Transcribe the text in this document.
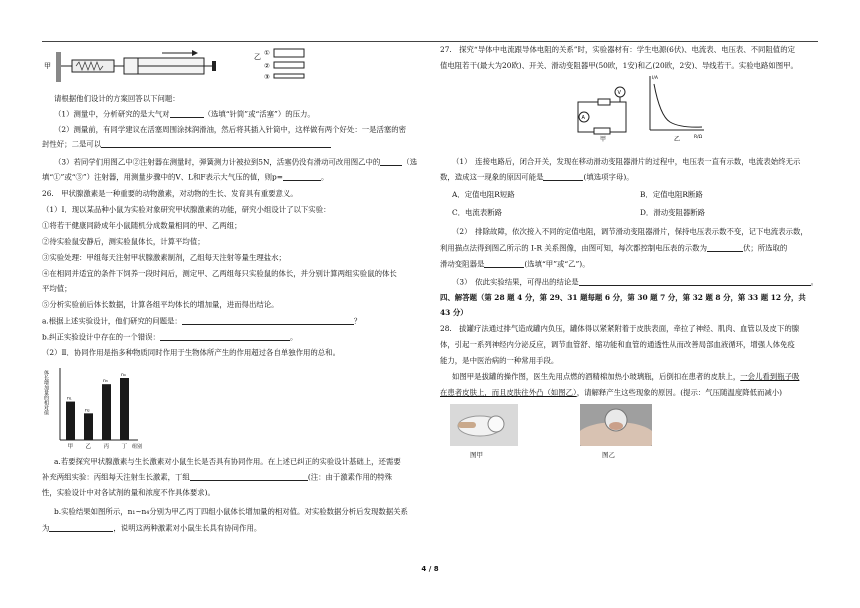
甲
乙 ①
②
③
请根据他们设计的方案回答以下问题：
（1）测量中，分析研究的是大气对	（选填“针筒”或“活塞”）的压力。
（2）测量前，有同学建议在活塞周围涂抹润滑油，然后将其插入针筒中，这样做有两个好处：一是活塞的密
封性好；二是可以
（3）若同学们用图乙中②注射器在测量时，弹簧测力计被拉到5N，活塞仍没有滑动可改用图乙中的	（选
填“①”或“③”）注射器，用测量步骤中的V、L和F表示大气压的值，则p=	。
26.　甲状腺激素是一种重要的动物激素，对动物的生长、发育具有重要意义。
（1）Ⅰ．现以某品种小鼠为实验对象研究甲状腺激素的功能，研究小组设计了以下实验：
①将若干健康同龄成年小鼠随机分成数量相同的甲、乙两组；
②待实验鼠安静后，测实验鼠体长，计算平均值；
③实验处理：甲组每天注射甲状腺激素制剂，乙组每天注射等量生理盐水；
④在相同并适宜的条件下饲养一段时间后，测定甲、乙两组每只实验鼠的体长，并分别计算两组实验鼠的体长
平均值；
⑤分析实验前后体长数据，计算各组平均体长的增加量，进而得出结论。
a.根据上述实验设计，他们研究的问题是：	？
b.纠正实验设计中存在的一个错误：	。
（2）Ⅱ．协同作用是指多种物质同时作用于生物体所产生的作用超过各自单独作用的总和。
体长增加量的相对值	n₁
甲
n₂
乙
n₃
丙
n₄
丁 组别
a.若要探究甲状腺激素与生长激素对小鼠生长是否具有协同作用。在上述已纠正的实验设计基础上，还需要
补充两组实验：丙组每天注射生长激素，丁组	(注：由于激素作用的特殊
性，实验设计中对各试剂的量和浓度不作具体要求)。
b.实验结果如图所示，n₁~n₄分别为甲乙丙丁四组小鼠体长增加量的相对值。对实验数据分析后发现数据关系
为	，说明这两种激素对小鼠生长具有协同作用。
27.　探究“导体中电流跟导体电阻的关系”时，实验器材有：学生电源(6伏)、电流表、电压表、不同阻值的定
值电阻若干(最大为20欧)、开关、滑动变阻器甲(50欧，1安)和乙(20欧，2安)、导线若干。实验电路如图甲。
A
V
甲
I/A
R/Ω
乙
（1）　连接电路后，闭合开关，发现在移动滑动变阻器滑片的过程中，电压表一直有示数，电流表始终无示
数，造成这一现象的原因可能是	(填选项字母)。
A．定值电阻R短路	B．定值电阻R断路
C．电流表断路	D．滑动变阻器断路
（2）　排除故障，依次接入不同的定值电阻，调节滑动变阻器滑片，保持电压表示数不变，记下电流表示数，
利用描点法得到图乙所示的 I-R 关系图像，由图可知，每次都控制电压表的示数为	伏；所选取的
滑动变阻器是	(选填“甲”或“乙”)。
（3）　依此实验结果，可得出的结论是	。
四、解答题（第 28 题 4 分，第 29、31 题每题 6 分，第 30 题 7 分，第 32 题 8 分，第 33 题 12 分，共
43 分）
28.　拔罐疗法通过排气造成罐内负压，罐体得以紧紧附着于皮肤表面，牵拉了神经、肌肉、血管以及皮下的腺
体，引起一系列神经内分泌反应，调节血管舒、缩功能和血管的通透性从而改善局部血液循环，增强人体免疫
能力，是中医治病的一种常用手段。
如图甲是拔罐的操作图，医生先用点燃的酒精棉加热小玻璃瓶，后倒扣在患者的皮肤上，一会儿看到瓶子吸
在患者皮肤上，而且皮肤往外凸（如图乙），请解释产生这些现象的原因。(提示：气压随温度降低而减小)
图甲	图乙
4 / 8
